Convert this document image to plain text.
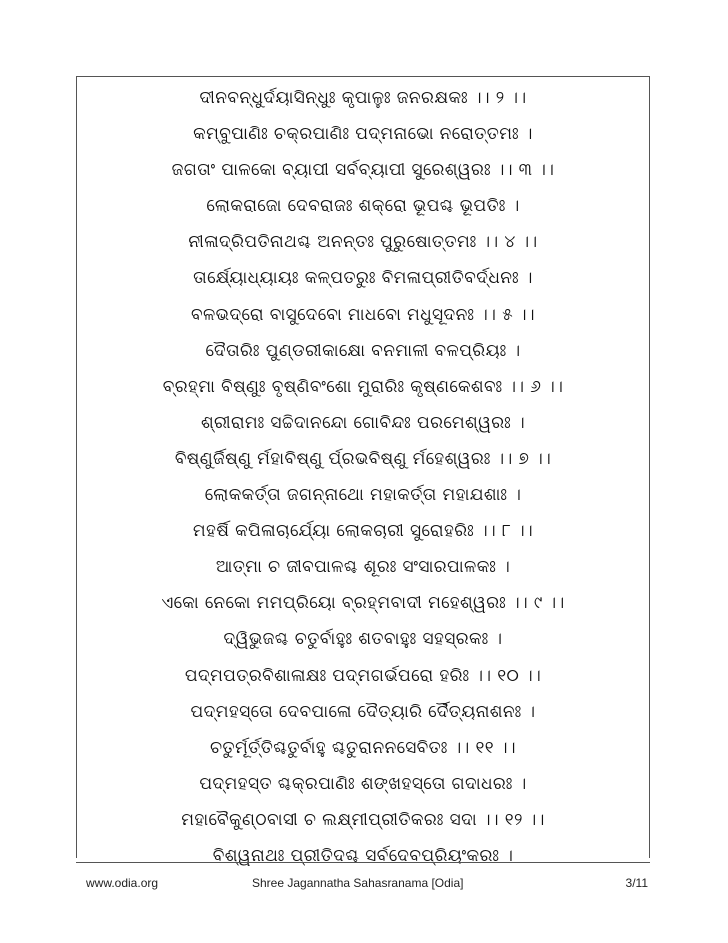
ଦୀନବନ୍ଧୁର୍ଦୟାସିନ୍ଧୁଃ କୃପାଳୁଃ ଜନରକ୍ଷକଃ ।। ୨ ।।
କମ୍ବୁପାଣିଃ ଚକ୍ରପାଣିଃ ପଦ୍ମନାଭୋ ନରୋତ୍ତମଃ ।
ଜଗତାଂ ପାଳକୋ ବ୍ୟାପୀ ସର୍ବବ୍ୟାପୀ ସୁରେଶ୍ୱରଃ ।। ୩ ।।
ଲୋକରାଜୋ ଦେବରାଜଃ ଶକ୍ରୋ ଭୂପଶ୍ଚ ଭୂପତିଃ ।
ନୀଳାଦ୍ରିପତିନାଥଶ୍ଚ ଅନନ୍ତଃ ପୁରୁଷୋତ୍ତମଃ ।। ୪ ।।
ତାର୍କ୍ଷ୍ୟୋଧ୍ୟାୟଃ କଳ୍ପତରୁଃ ବିମଳାପ୍ରୀତିବର୍ଦ୍ଧନଃ ।
ବଳଭଦ୍ରୋ ବାସୁଦେବୋ ମାଧବୋ ମଧୁସୂଦନଃ ।। ୫ ।।
ଦୈତାରିଃ ପୁଣ୍ଡରୀକାକ୍ଷୋ ବନମାଳୀ ବଳପ୍ରିୟଃ ।
ବ୍ରହ୍ମା ବିଷ୍ଣୁଃ ବୃଷ୍ଣିବଂଶୋ ମୁରାରିଃ କୃଷ୍ଣକେଶବଃ ।। ୬ ।।
ଶ୍ରୀରାମଃ ସଚ୍ଚିଦାନନ୍ଦୋ ଗୋବିନ୍ଦଃ ପରମେଶ୍ୱରଃ ।
ବିଷ୍ଣୁର୍ଜିଷ୍ଣୁ ର୍ମହାବିଷ୍ଣୁ ର୍ପ୍ରଭବିଷ୍ଣୁ ର୍ମହେଶ୍ୱରଃ ।। ୭ ।।
ଲୋକକର୍ତ୍ତା ଜଗନ୍ନାଥୋ ମହାକର୍ତ୍ତା ମହାଯଶାଃ ।
ମହର୍ଷି କପିଳାଚାର୍ଯ୍ୟୋ ଲୋକଚାରୀ ସୁରୋହରିଃ ।। ୮ ।।
ଆତ୍ମା ଚ ଜୀବପାଳଶ୍ଚ ଶୂରଃ ସଂସାରପାଳକଃ ।
ଏକୋ ନେକୋ ମମପ୍ରିୟୋ ବ୍ରହ୍ମବାଦୀ ମହେଶ୍ୱରଃ ।। ୯ ।।
ଦ୍ୱିଭୁଜଶ୍ଚ ଚତୁର୍ବାହୁଃ ଶତବାହୁଃ ସହସ୍ରକଃ ।
ପଦ୍ମପତ୍ରବିଶାଳାକ୍ଷଃ ପଦ୍ମଗର୍ଭପରୋ ହରିଃ ।। ୧୦ ।।
ପଦ୍ମହସ୍ତୋ ଦେବପାଳୋ ଦୈତ୍ୟାରି ର୍ଦୈତ୍ୟନାଶନଃ ।
ଚତୁର୍ମୂର୍ତ୍ତିଶ୍ଚତୁର୍ବାହୁ ଶ୍ଚତୁରାନନସେବିତଃ ।। ୧୧ ।।
ପଦ୍ମହସ୍ତ ଶ୍ଚକ୍ରପାଣିଃ ଶଙ୍ଖହସ୍ତୋ ଗଦାଧରଃ ।
ମହାବୈକୁଣ୍ଠବାସୀ ଚ ଲକ୍ଷ୍ମୀପ୍ରୀତିକରଃ ସଦା ।। ୧୨ ।।
ବିଶ୍ୱନାଥଃ ପ୍ରୀତିଦଶ୍ଚ ସର୍ବଦେବପ୍ରିୟଂକରଃ ।
www.odia.org	Shree Jagannatha Sahasranama [Odia]	3/11
